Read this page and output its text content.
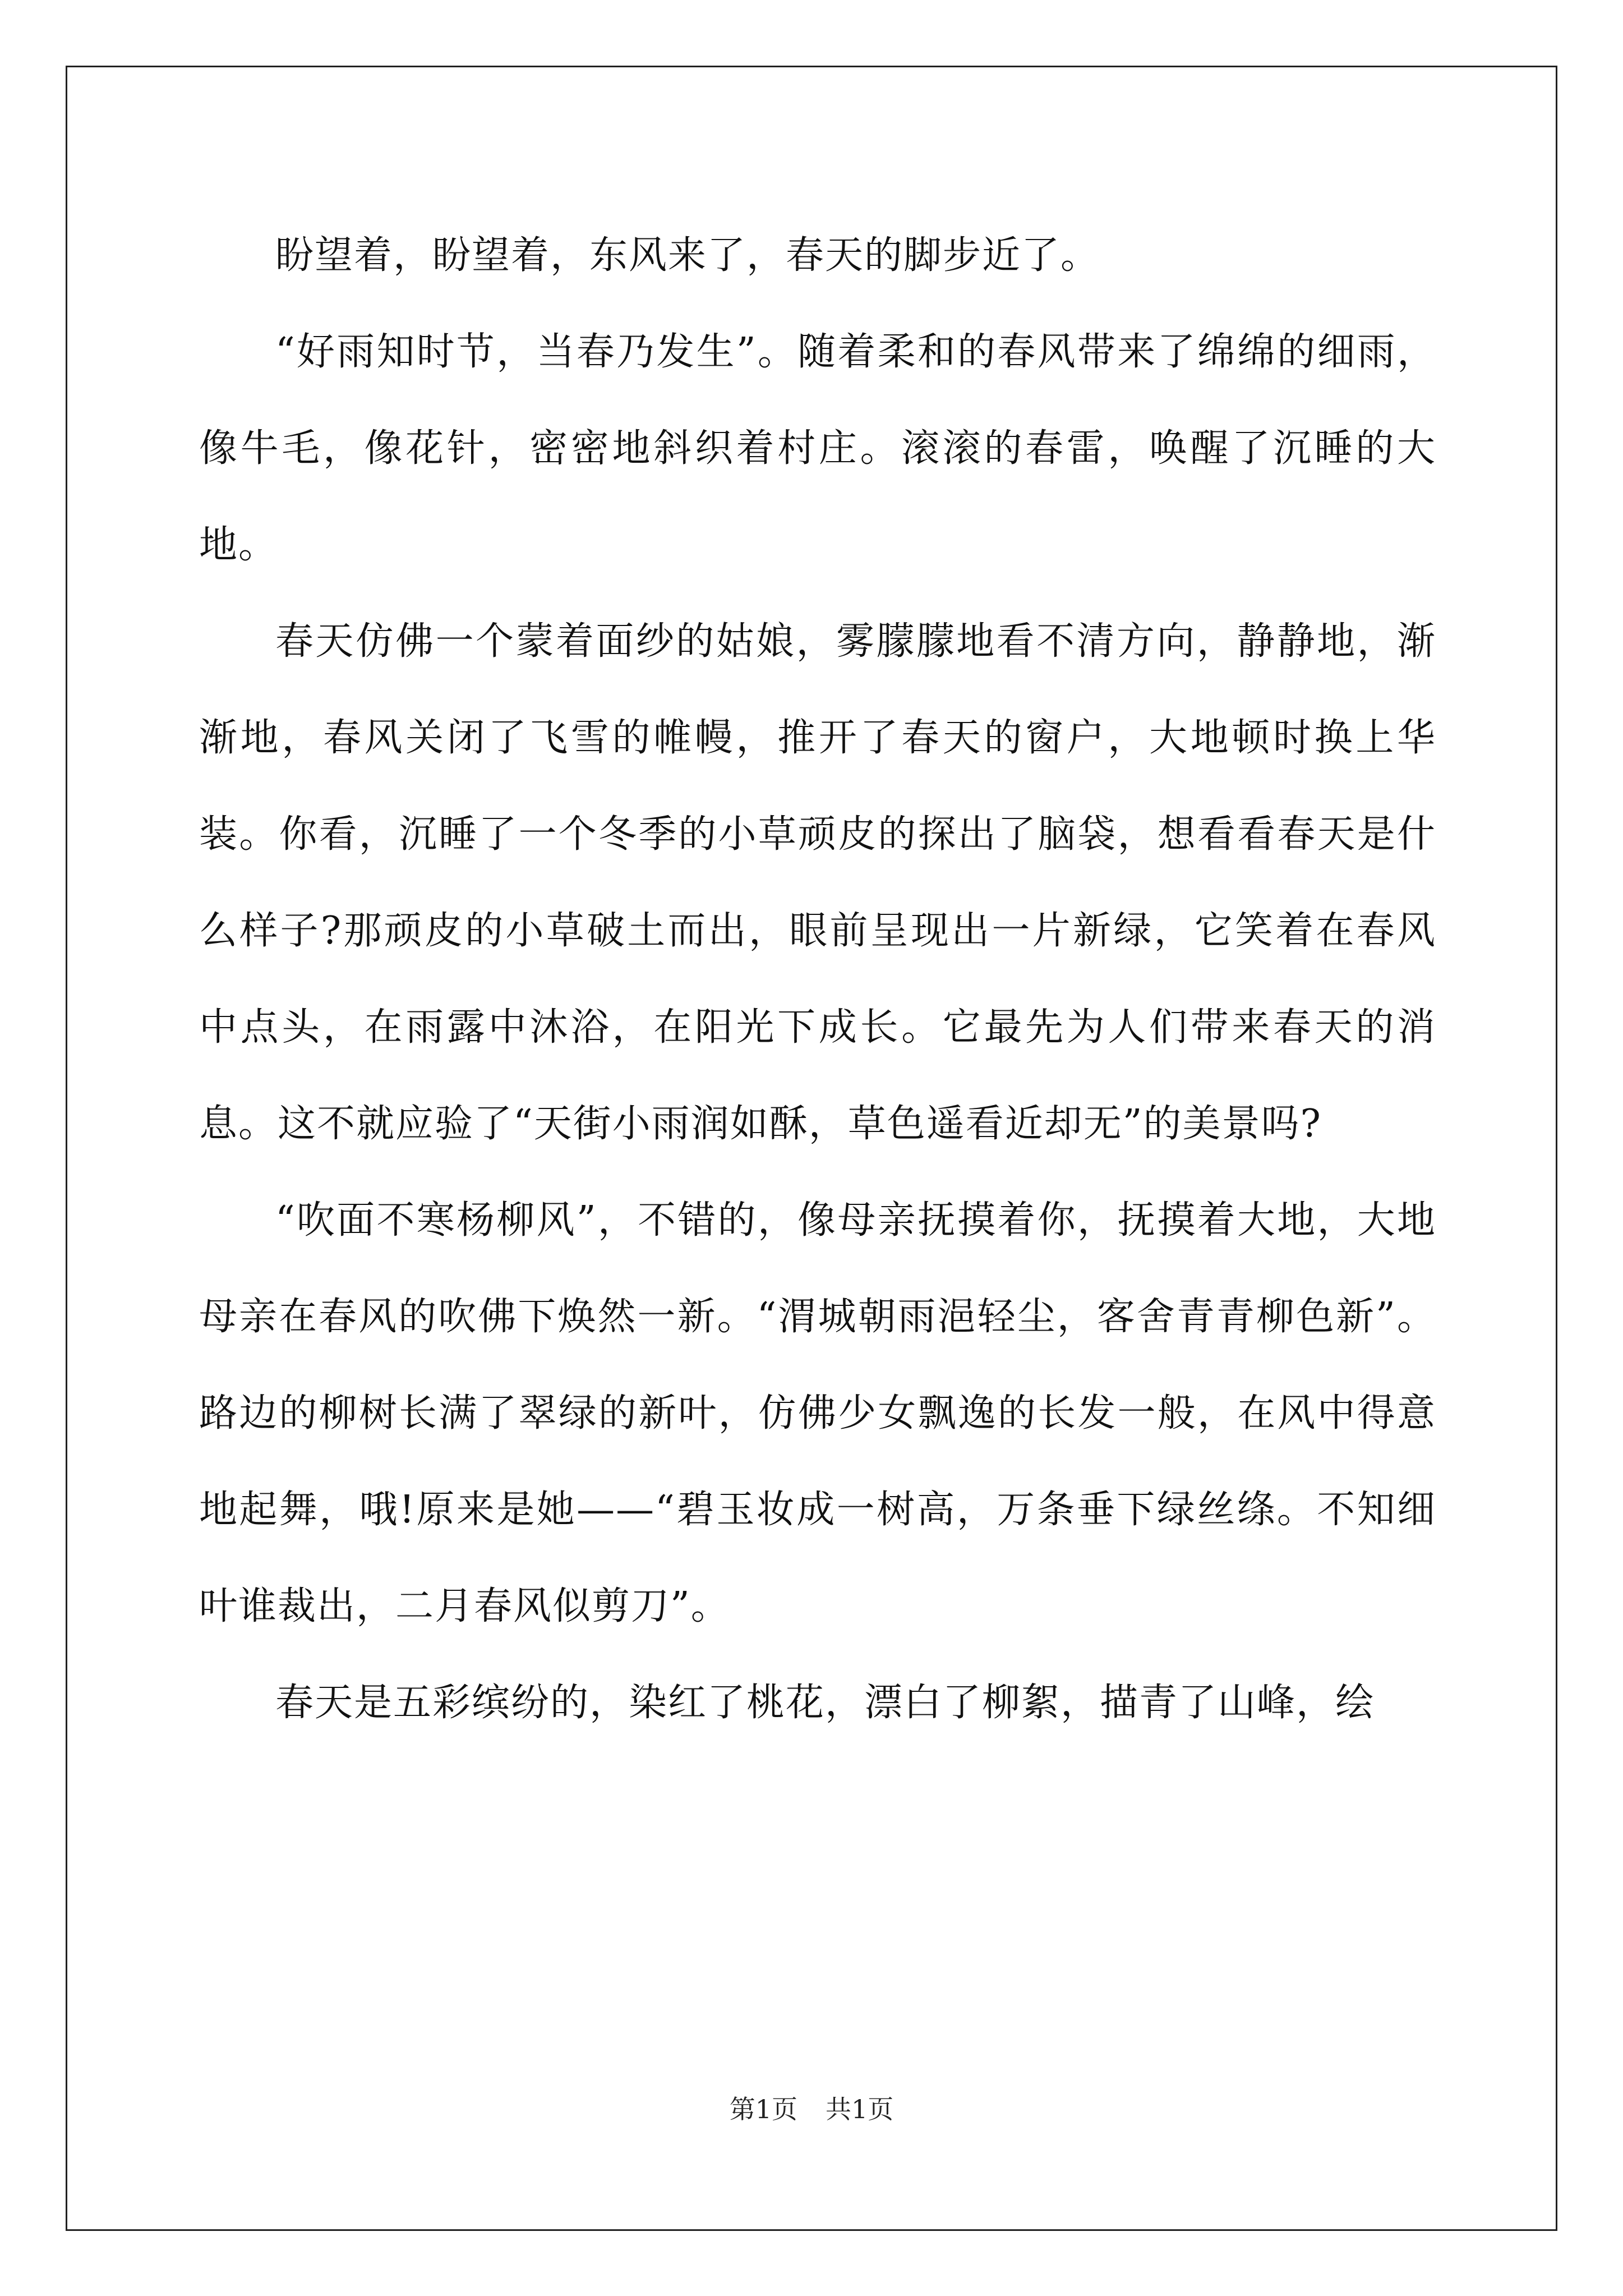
盼望着，盼望着，东风来了，春天的脚步近了。

“好雨知时节，当春乃发生”。随着柔和的春风带来了绵绵的细雨，像牛毛，像花针，密密地斜织着村庄。滚滚的春雷，唤醒了沉睡的大地。

春天仿佛一个蒙着面纱的姑娘，雾朦朦地看不清方向，静静地，渐渐地，春风关闭了飞雪的帷幔，推开了春天的窗户，大地顿时换上华装。你看，沉睡了一个冬季的小草顽皮的探出了脑袋，想看看春天是什么样子?那顽皮的小草破土而出，眼前呈现出一片新绿，它笑着在春风中点头，在雨露中沐浴，在阳光下成长。它最先为人们带来春天的消息。这不就应验了“天街小雨润如酥，草色遥看近却无”的美景吗?

“吹面不寒杨柳风”，不错的，像母亲抚摸着你，抚摸着大地，大地母亲在春风的吹佛下焕然一新。“渭城朝雨浥轻尘，客舍青青柳色新”。路边的柳树长满了翠绿的新叶，仿佛少女飘逸的长发一般，在风中得意地起舞，哦!原来是她——“碧玉妆成一树高，万条垂下绿丝绦。不知细叶谁裁出，二月春风似剪刀”。

春天是五彩缤纷的，染红了桃花，漂白了柳絮，描青了山峰，绘

第1页 共1页
